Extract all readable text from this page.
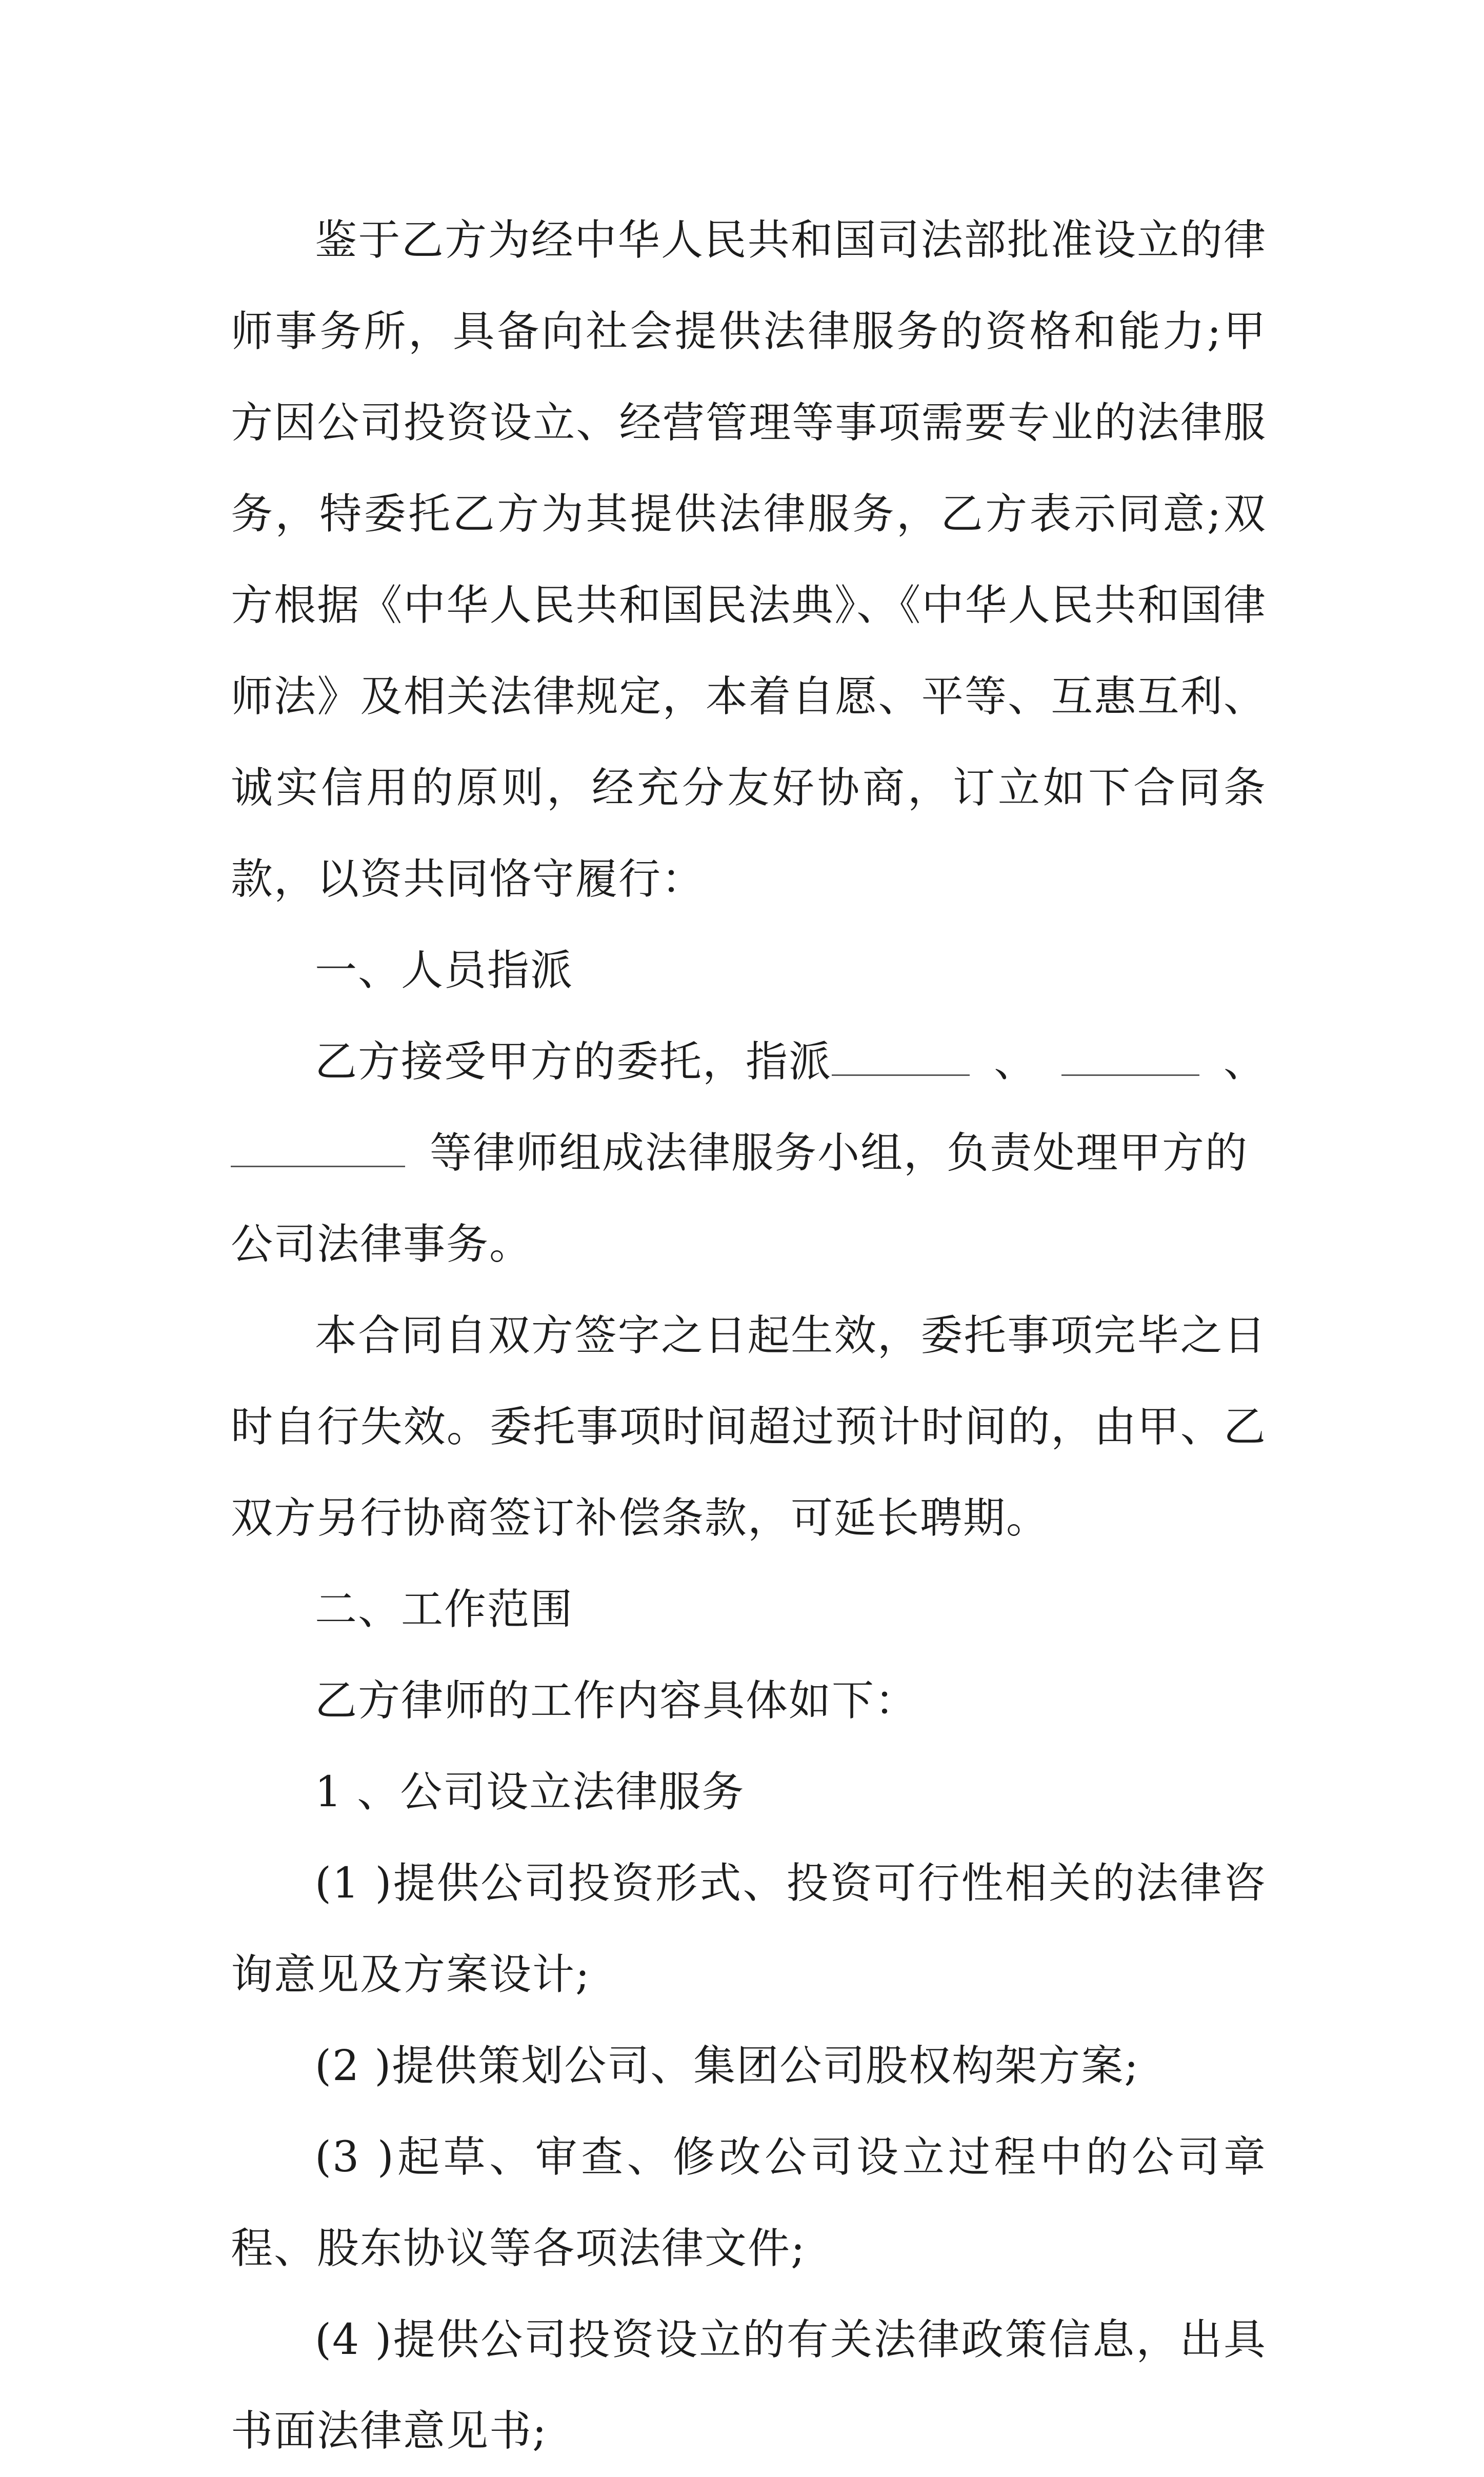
鉴于乙方为经中华人民共和国司法部批准设立的律师事务所，具备向社会提供法律服务的资格和能力;甲方因公司投资设立、经营管理等事项需要专业的法律服务，特委托乙方为其提供法律服务，乙方表示同意;双方根据《中华人民共和国民法典》、《中华人民共和国律师法》及相关法律规定，本着自愿、平等、互惠互利、诚实信用的原则，经充分友好协商，订立如下合同条款，以资共同恪守履行：

一、人员指派

乙方接受甲方的委托，指派	、	、
等律师组成法律服务小组，负责处理甲方的公司法律事务。

本合同自双方签字之日起生效，委托事项完毕之日时自行失效。委托事项时间超过预计时间的，由甲、乙双方另行协商签订补偿条款，可延长聘期。

二、工作范围

乙方律师的工作内容具体如下：

1 、公司设立法律服务

(1 )提供公司投资形式、投资可行性相关的法律咨询意见及方案设计;

(2 )提供策划公司、集团公司股权构架方案;

(3 )起草、审查、修改公司设立过程中的公司章程、股东协议等各项法律文件;

(4 )提供公司投资设立的有关法律政策信息，出具书面法律意见书;
